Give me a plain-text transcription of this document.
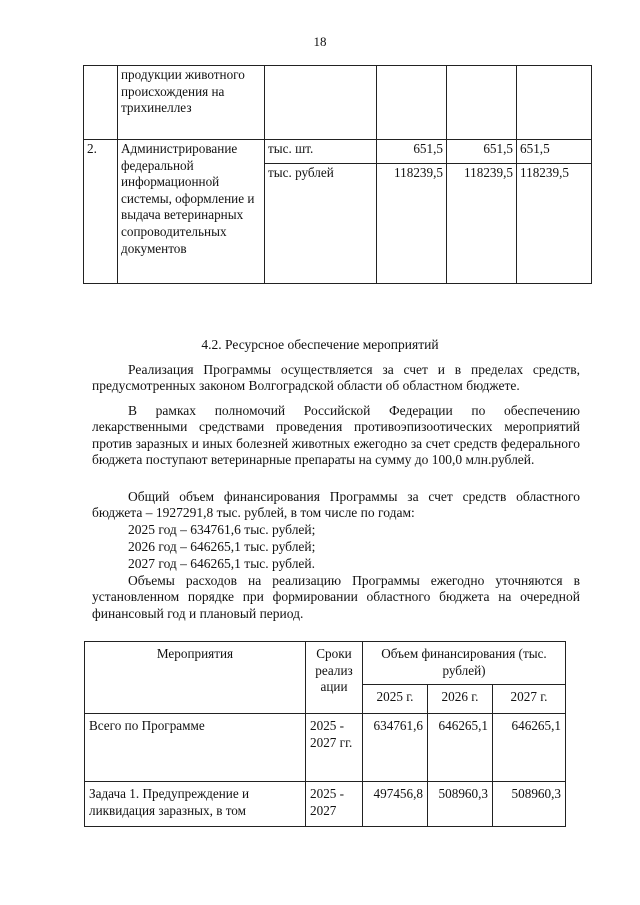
18
	продукции животного происхождения на трихинеллез				
2.	Администрирование федеральной информационной системы, оформление и выдача ветеринарных сопроводительных документов	тыс. шт.	651,5	651,5	651,5
		тыс. рублей	118239,5	118239,5	118239,5
4.2. Ресурсное обеспечение мероприятий

Реализация Программы осуществляется за счет и в пределах средств, предусмотренных законом Волгоградской области об областном бюджете.

В рамках полномочий Российской Федерации по обеспечению лекарственными средствами проведения противоэпизоотических мероприятий против заразных и иных болезней животных ежегодно за счет средств федерального бюджета поступают ветеринарные препараты на сумму до 100,0 млн.рублей.

Общий объем финансирования Программы за счет средств областного бюджета – 1927291,8 тыс. рублей, в том числе по годам:

2025 год – 634761,6 тыс. рублей;

2026 год – 646265,1 тыс. рублей;

2027 год – 646265,1 тыс. рублей.

Объемы расходов на реализацию Программы ежегодно уточняются в установленном порядке при формировании областного бюджета на очередной финансовый год и плановый период.

Мероприятия	Сроки реализ ации	Объем финансирования (тыс. рублей)		
		2025 г.	2026 г.	2027 г.
Всего по Программе	2025 - 2027 гг.	634761,6	646265,1	646265,1
Задача 1. Предупреждение и ликвидация заразных, в том	2025 - 2027	497456,8	508960,3	508960,3
